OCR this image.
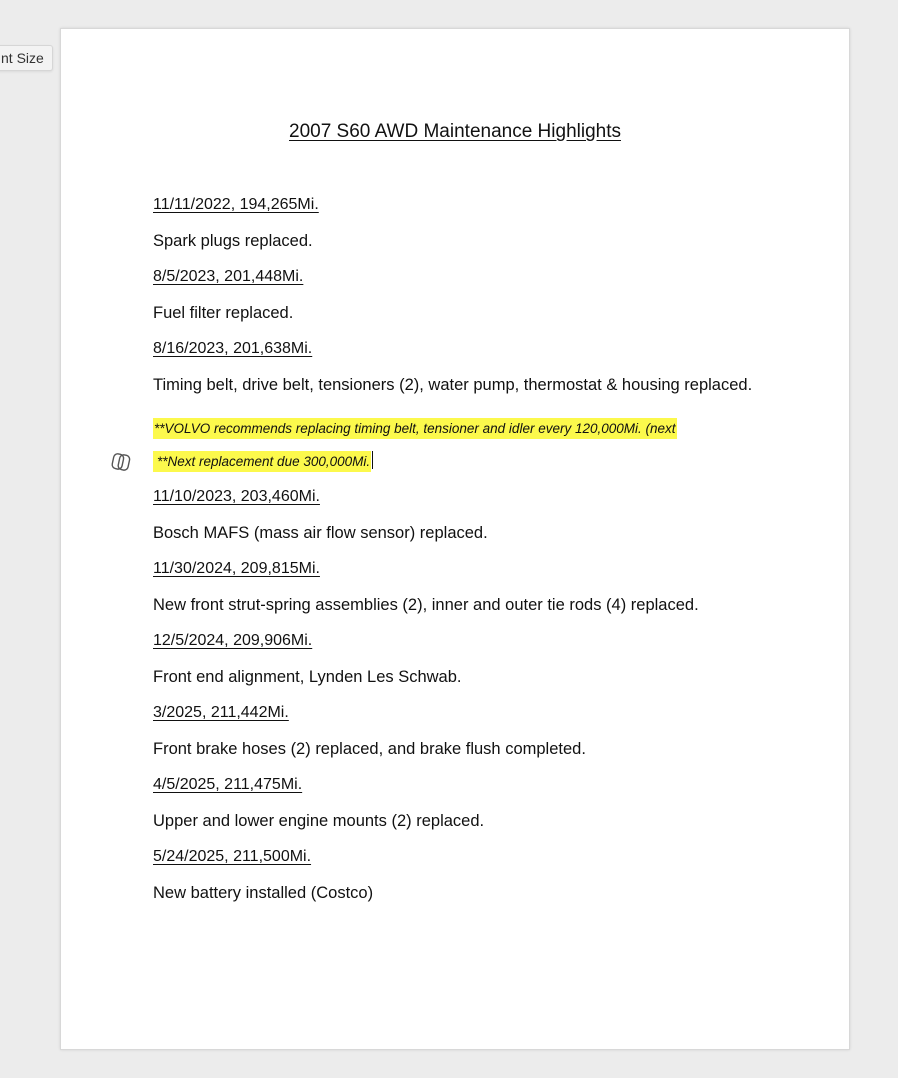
nt Size
2007 S60 AWD Maintenance Highlights
11/11/2022, 194,265Mi.
Spark plugs replaced.
8/5/2023, 201,448Mi.
Fuel filter replaced.
8/16/2023, 201,638Mi.
Timing belt, drive belt, tensioners (2), water pump, thermostat & housing replaced.
**VOLVO recommends replacing timing belt, tensioner and idler every 120,000Mi. (next
**Next replacement due 300,000Mi.
11/10/2023, 203,460Mi.
Bosch MAFS (mass air flow sensor) replaced.
11/30/2024, 209,815Mi.
New front strut-spring assemblies (2), inner and outer tie rods (4) replaced.
12/5/2024, 209,906Mi.
Front end alignment, Lynden Les Schwab.
3/2025, 211,442Mi.
Front brake hoses (2) replaced, and brake flush completed.
4/5/2025, 211,475Mi.
Upper and lower engine mounts (2) replaced.
5/24/2025, 211,500Mi.
New battery installed (Costco)
